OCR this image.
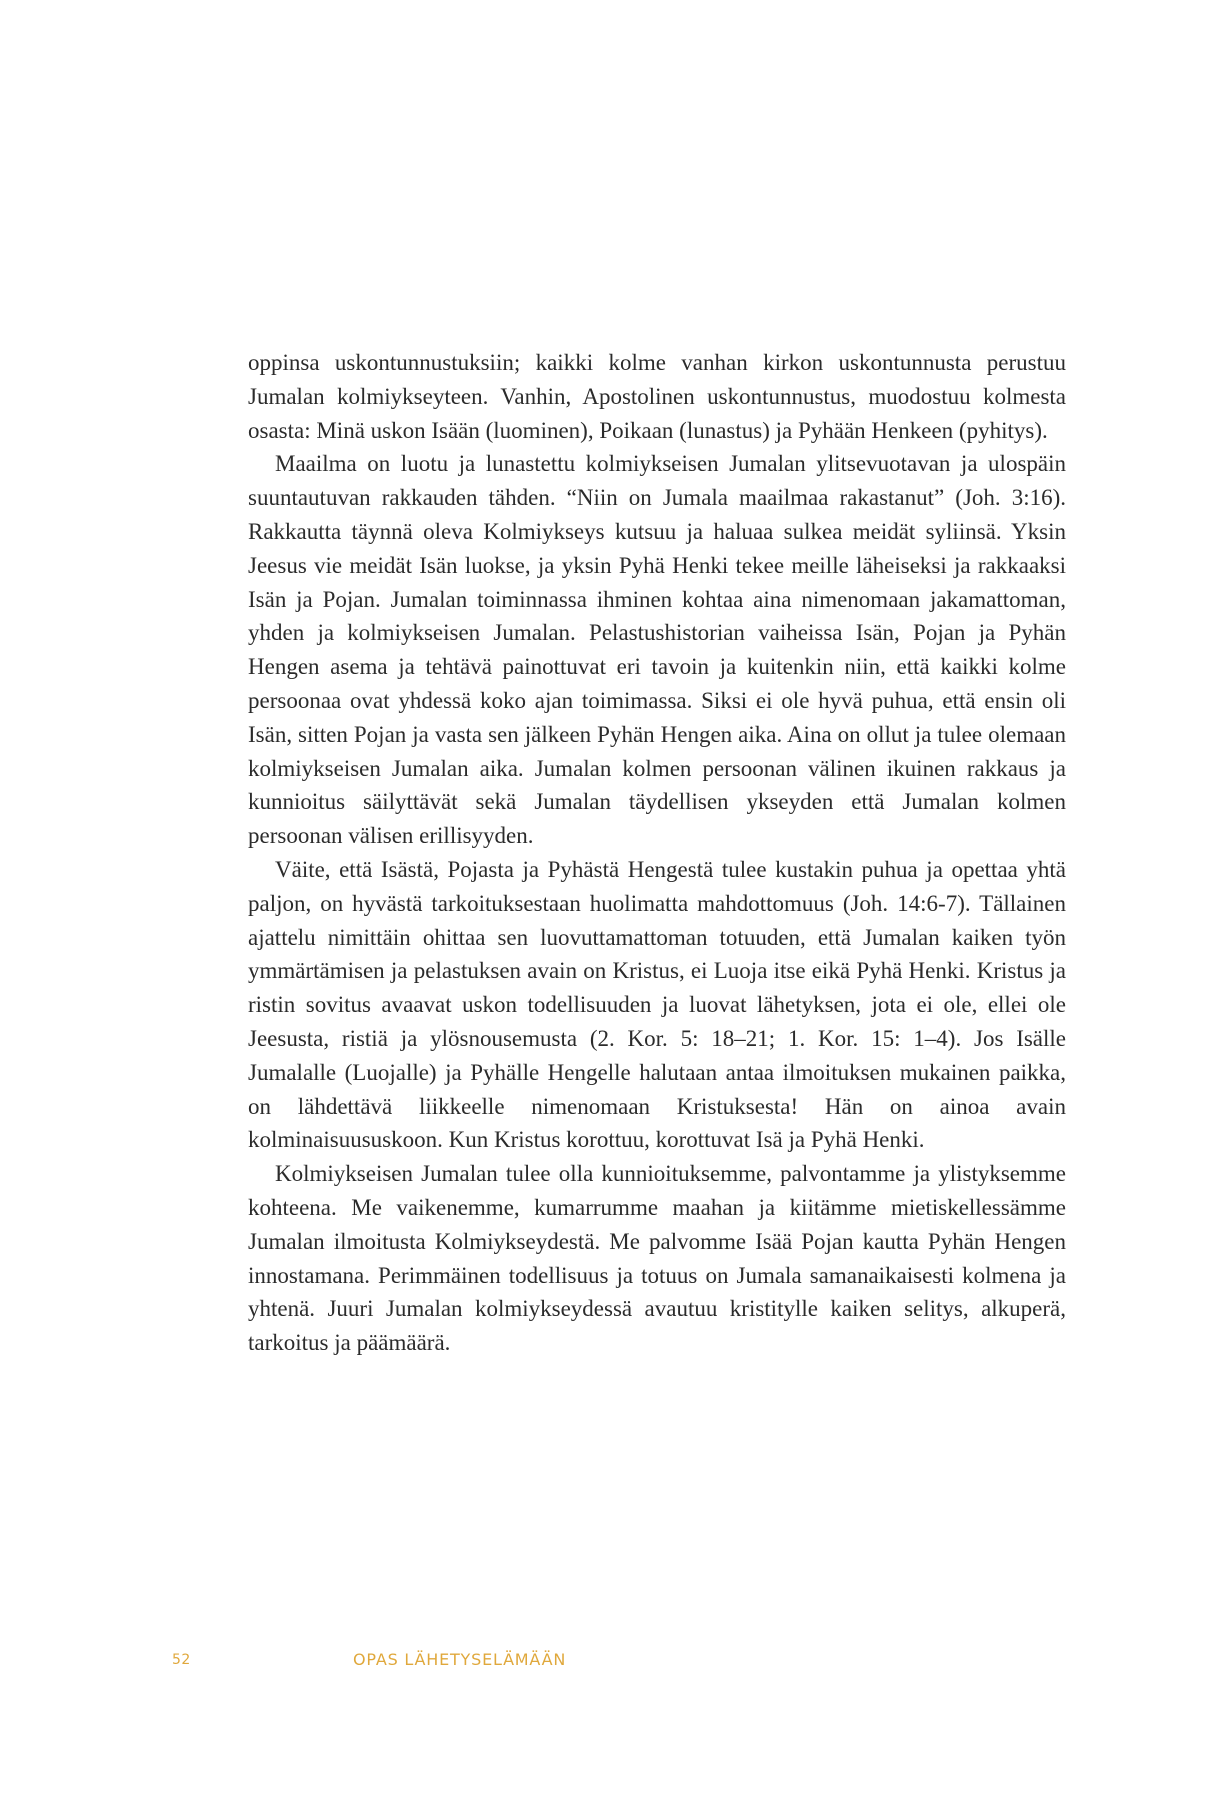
oppinsa uskontunnustuksiin; kaikki kolme vanhan kirkon uskontunnusta perustuu Jumalan kolmiykseyteen. Vanhin, Apostolinen uskontunnustus, muodostuu kolmesta osasta: Minä uskon Isään (luominen), Poikaan (lunastus) ja Pyhään Henkeen (pyhitys).

Maailma on luotu ja lunastettu kolmiykseisen Jumalan ylitsevuotavan ja ulospäin suuntautuvan rakkauden tähden. “Niin on Jumala maailmaa rakastanut” (Joh. 3:16). Rakkautta täynnä oleva Kolmiykseys kutsuu ja haluaa sulkea meidät syliinsä. Yksin Jeesus vie meidät Isän luokse, ja yksin Pyhä Henki tekee meille läheiseksi ja rakkaaksi Isän ja Pojan. Jumalan toiminnassa ihminen kohtaa aina nimenomaan jakamattoman, yhden ja kolmiykseisen Jumalan. Pelastushistorian vaiheissa Isän, Pojan ja Pyhän Hengen asema ja tehtävä painottuvat eri tavoin ja kuitenkin niin, että kaikki kolme persoonaa ovat yhdessä koko ajan toimimassa. Siksi ei ole hyvä puhua, että ensin oli Isän, sitten Pojan ja vasta sen jälkeen Pyhän Hengen aika. Aina on ollut ja tulee olemaan kolmiykseisen Jumalan aika. Jumalan kolmen persoonan välinen ikuinen rakkaus ja kunnioitus säilyttävät sekä Jumalan täydellisen ykseyden että Jumalan kolmen persoonan välisen erillisyyden.

Väite, että Isästä, Pojasta ja Pyhästä Hengestä tulee kustakin puhua ja opettaa yhtä paljon, on hyvästä tarkoituksestaan huolimatta mahdottomuus (Joh. 14:6-7). Tällainen ajattelu nimittäin ohittaa sen luovuttamattoman totuuden, että Jumalan kaiken työn ymmärtämisen ja pelastuksen avain on Kristus, ei Luoja itse eikä Pyhä Henki. Kristus ja ristin sovitus avaavat uskon todellisuuden ja luovat lähetyksen, jota ei ole, ellei ole Jeesusta, ristiä ja ylösnousemusta (2. Kor. 5: 18–21; 1. Kor. 15: 1–4). Jos Isälle Jumalalle (Luojalle) ja Pyhälle Hengelle halutaan antaa ilmoituksen mukainen paikka, on lähdettävä liikkeelle nimenomaan Kristuksesta! Hän on ainoa avain kolminaisuususkoon. Kun Kristus korottuu, korottuvat Isä ja Pyhä Henki.

Kolmiykseisen Jumalan tulee olla kunnioituksemme, palvontamme ja ylistyksemme kohteena. Me vaikenemme, kumarrumme maahan ja kiitämme mietiskellessämme Jumalan ilmoitusta Kolmiykseydestä. Me palvomme Isää Pojan kautta Pyhän Hengen innostamana. Perimmäinen todellisuus ja totuus on Jumala samanaikaisesti kolmena ja yhtenä. Juuri Jumalan kolmiykseydessä avautuu kristitylle kaiken selitys, alkuperä, tarkoitus ja päämäärä.

52	OPAS LÄHETYSELÄMÄÄN
